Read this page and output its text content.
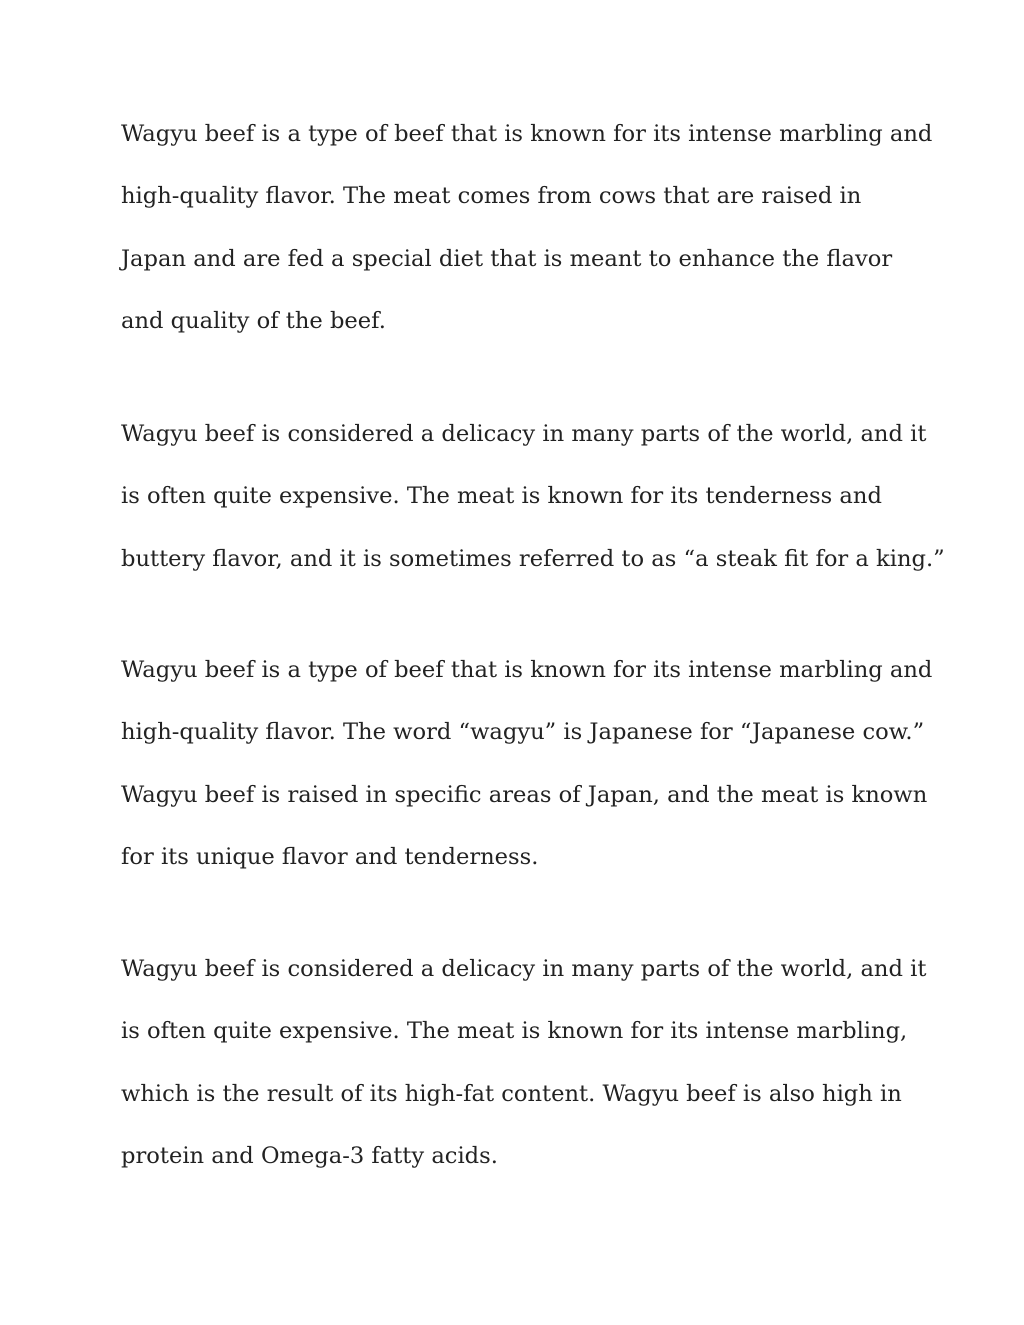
Wagyu beef is a type of beef that is known for its intense marbling and
high-quality flavor. The meat comes from cows that are raised in
Japan and are fed a special diet that is meant to enhance the flavor
and quality of the beef.

Wagyu beef is considered a delicacy in many parts of the world, and it
is often quite expensive. The meat is known for its tenderness and
buttery flavor, and it is sometimes referred to as “a steak fit for a king.”

Wagyu beef is a type of beef that is known for its intense marbling and
high-quality flavor. The word “wagyu” is Japanese for “Japanese cow.”
Wagyu beef is raised in specific areas of Japan, and the meat is known
for its unique flavor and tenderness.

Wagyu beef is considered a delicacy in many parts of the world, and it
is often quite expensive. The meat is known for its intense marbling,
which is the result of its high-fat content. Wagyu beef is also high in
protein and Omega-3 fatty acids.
